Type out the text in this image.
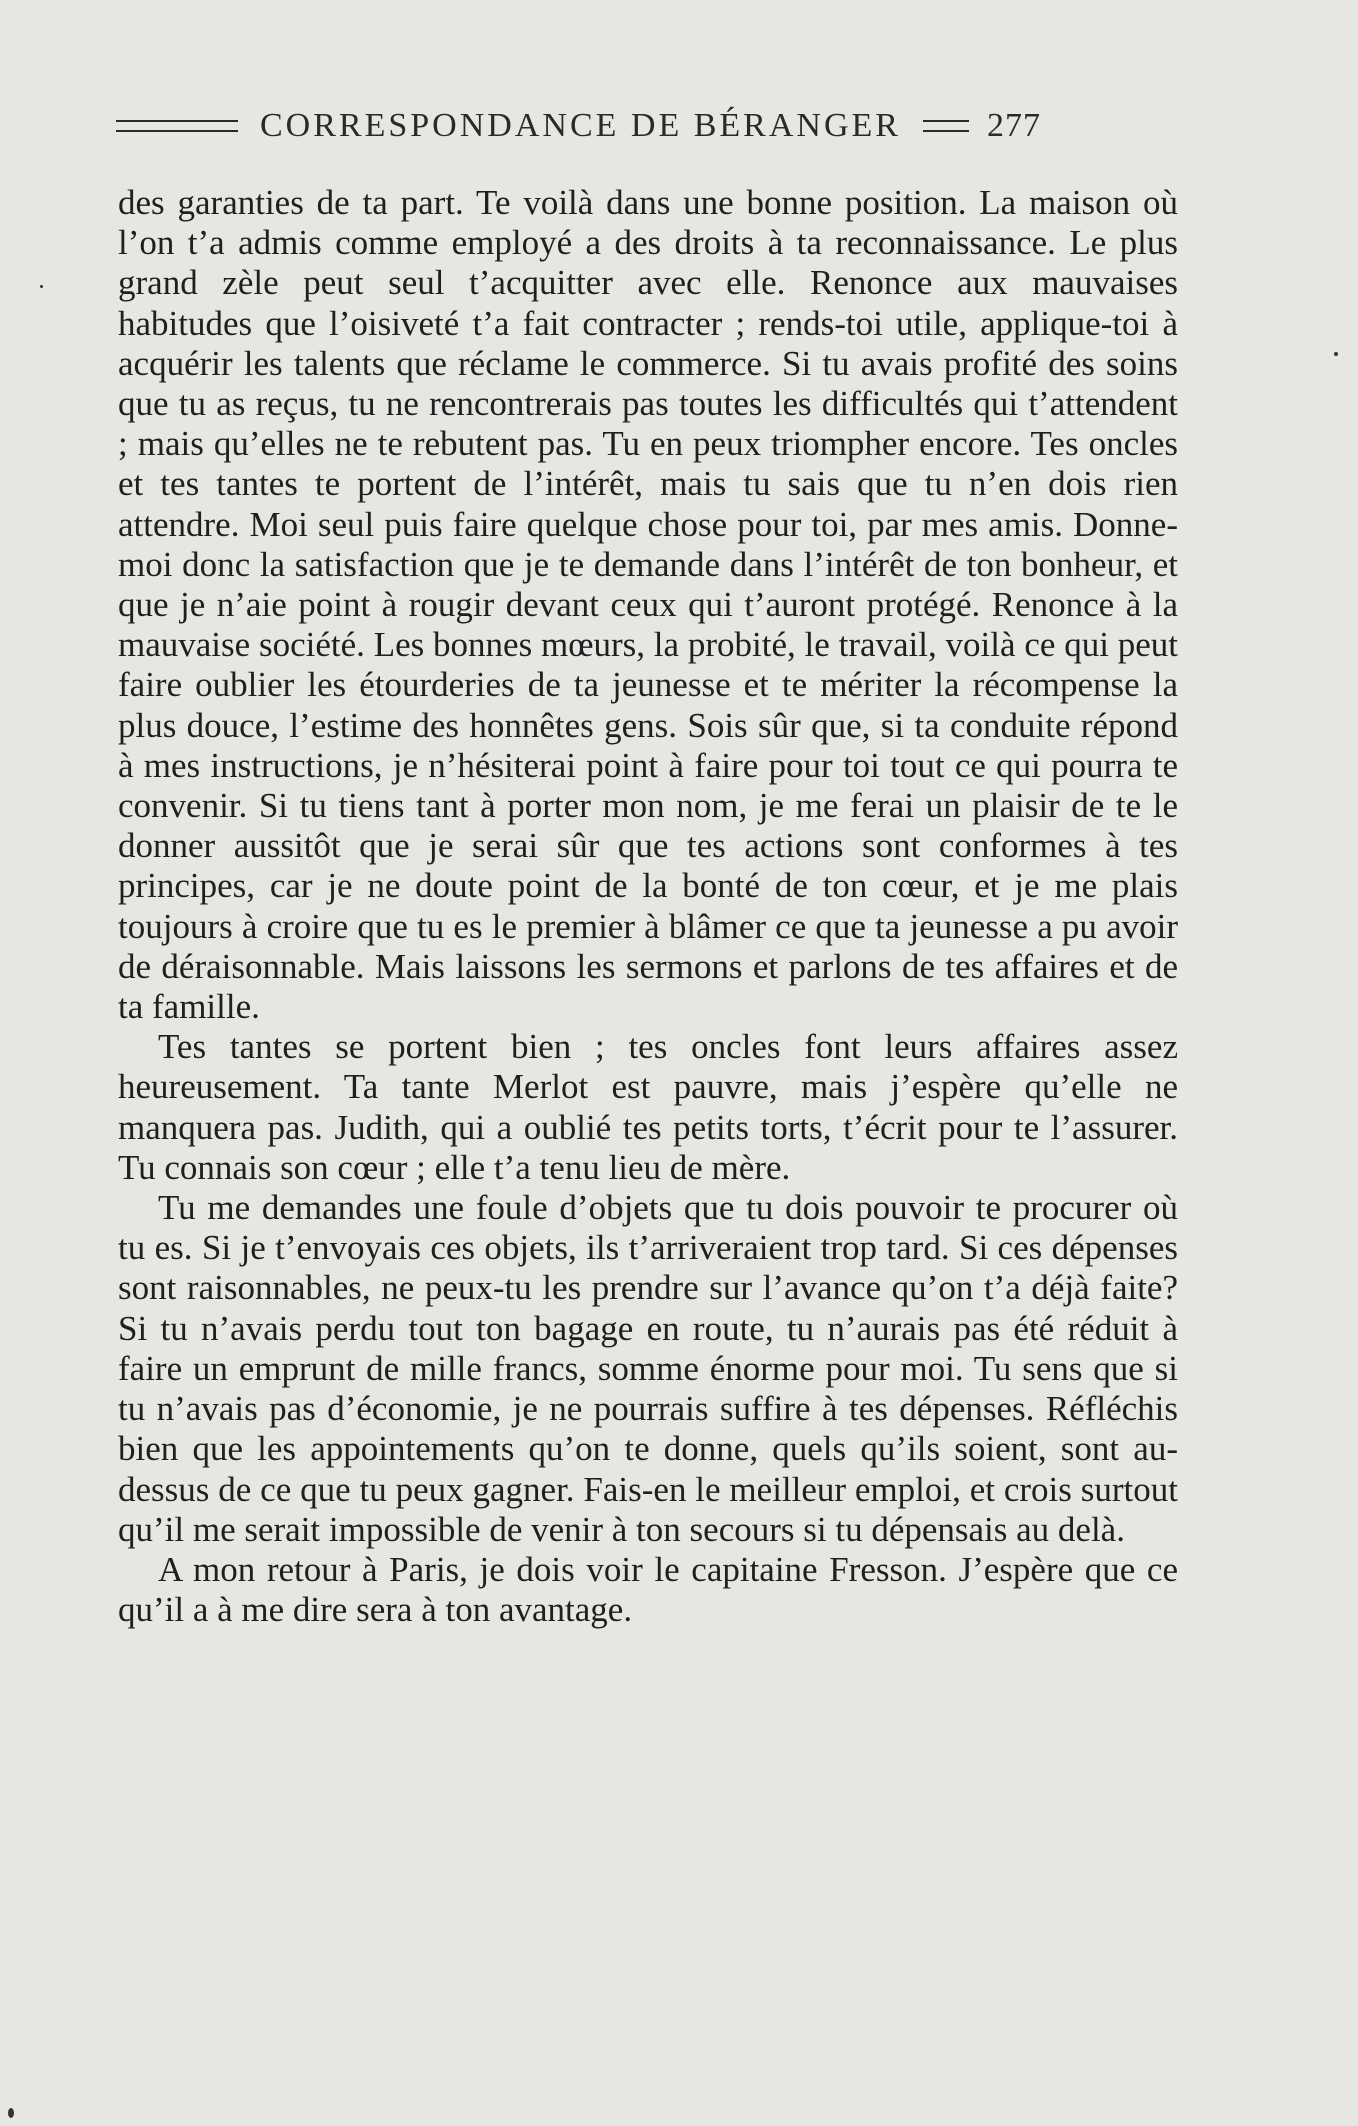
CORRESPONDANCE DE BÉRANGER	277

des garanties de ta part. Te voilà dans une bonne position. La maison où l’on t’a admis comme employé a des droits à ta reconnaissance. Le plus grand zèle peut seul t’acquitter avec elle. Renonce aux mauvaises habitudes que l’oisiveté t’a fait contracter ; rends-toi utile, applique-toi à acquérir les talents que réclame le commerce. Si tu avais profité des soins que tu as reçus, tu ne rencontrerais pas toutes les difficultés qui t’attendent ; mais qu’elles ne te rebutent pas. Tu en peux triompher encore. Tes oncles et tes tantes te portent de l’intérêt, mais tu sais que tu n’en dois rien attendre. Moi seul puis faire quelque chose pour toi, par mes amis. Donne-moi donc la satisfaction que je te demande dans l’intérêt de ton bonheur, et que je n’aie point à rougir devant ceux qui t’auront protégé. Renonce à la mauvaise société. Les bonnes mœurs, la probité, le travail, voilà ce qui peut faire oublier les étourderies de ta jeunesse et te mériter la récompense la plus douce, l’estime des honnêtes gens. Sois sûr que, si ta conduite répond à mes instructions, je n’hésiterai point à faire pour toi tout ce qui pourra te convenir. Si tu tiens tant à porter mon nom, je me ferai un plaisir de te le donner aussitôt que je serai sûr que tes actions sont conformes à tes principes, car je ne doute point de la bonté de ton cœur, et je me plais toujours à croire que tu es le premier à blâmer ce que ta jeunesse a pu avoir de déraisonnable. Mais laissons les sermons et parlons de tes affaires et de ta famille.

Tes tantes se portent bien ; tes oncles font leurs affaires assez heureusement. Ta tante Merlot est pauvre, mais j’espère qu’elle ne manquera pas. Judith, qui a oublié tes petits torts, t’écrit pour te l’assurer. Tu connais son cœur ; elle t’a tenu lieu de mère.

Tu me demandes une foule d’objets que tu dois pouvoir te procurer où tu es. Si je t’envoyais ces objets, ils t’arriveraient trop tard. Si ces dépenses sont raisonnables, ne peux-tu les prendre sur l’avance qu’on t’a déjà faite? Si tu n’avais perdu tout ton bagage en route, tu n’aurais pas été réduit à faire un emprunt de mille francs, somme énorme pour moi. Tu sens que si tu n’avais pas d’économie, je ne pourrais suffire à tes dépenses. Réfléchis bien que les appointements qu’on te donne, quels qu’ils soient, sont au-dessus de ce que tu peux gagner. Fais-en le meilleur emploi, et crois surtout qu’il me serait impossible de venir à ton secours si tu dépensais au delà.

A mon retour à Paris, je dois voir le capitaine Fresson. J’espère que ce qu’il a à me dire sera à ton avantage.
